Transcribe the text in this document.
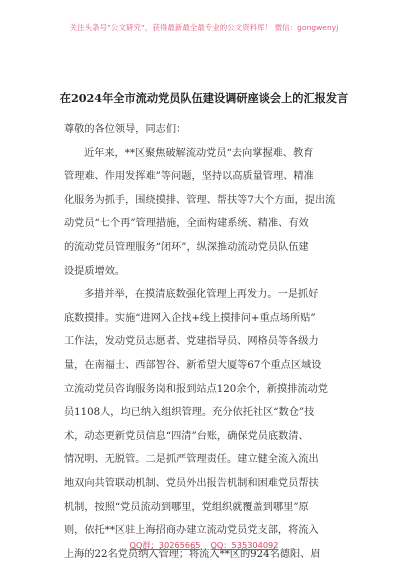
关注头条号“公文研究”，获得最新最全最专业的公文资料库！ 微信：gongwenyj
在2024年全市流动党员队伍建设调研座谈会上的汇报发言
尊敬的各位领导，同志们：
近年来，**区聚焦破解流动党员“去向掌握难、教育
管理难、作用发挥难”等问题，坚持以高质量管理、精准
化服务为抓手，围绕摸排、管理、帮扶等7大个方面，提出流
动党员“七个再”管理措施，全面构建系统、精准、有效
的流动党员管理服务“闭环”，纵深推动流动党员队伍建
设提质增效。
多措并举，在摸清底数强化管理上再发力。一是抓好
底数摸排。实施“进网入企找+线上摸排问+重点场所贴”
工作法，发动党员志愿者、党建指导员、网格员等各级力
量，在南福士、西部智谷、新希望大厦等67个重点区域设
立流动党员咨询服务岗和报到站点120余个，新摸排流动党
员1108人，均已纳入组织管理。充分依托社区“数仓”技
术，动态更新党员信息“四清”台账，确保党员底数清、
情况明、无脱管。二是抓严管理责任。建立健全流入流出
地双向共管联动机制、党员外出报告机制和困难党员帮扶
机制，按照“党员流动到哪里，党组织就覆盖到哪里”原
则，依托**区驻上海招商办建立流动党员党支部，将流入
上海的22名党员纳入管理；将流入**区的924名德阳、眉
QQ群：30265665 QQ：535304092
